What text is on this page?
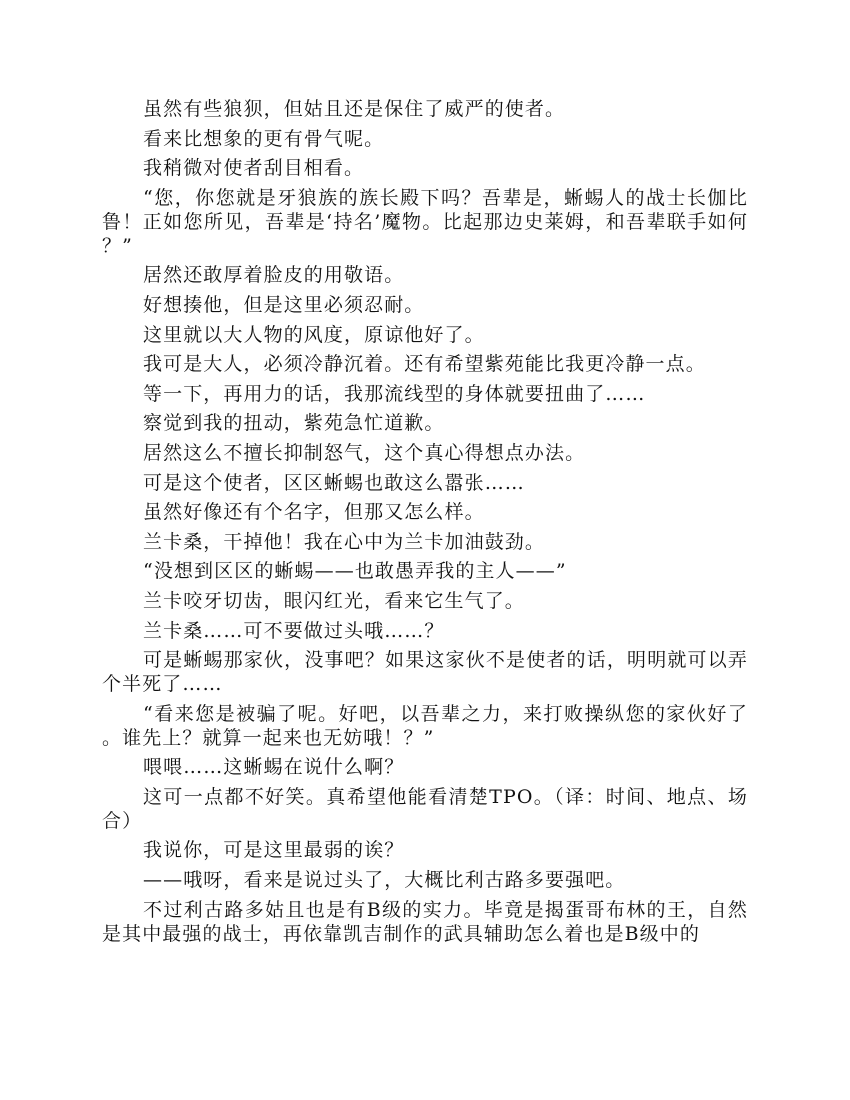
虽然有些狼狈，但姑且还是保住了威严的使者。

看来比想象的更有骨气呢。

我稍微对使者刮目相看。

“您，你您就是牙狼族的族长殿下吗？吾辈是，蜥蜴人的战士长伽比鲁！正如您所见，吾辈是‘持名’魔物。比起那边史莱姆，和吾辈联手如何？”

居然还敢厚着脸皮的用敬语。

好想揍他，但是这里必须忍耐。

这里就以大人物的风度，原谅他好了。

我可是大人，必须冷静沉着。还有希望紫苑能比我更冷静一点。

等一下，再用力的话，我那流线型的身体就要扭曲了……

察觉到我的扭动，紫苑急忙道歉。

居然这么不擅长抑制怒气，这个真心得想点办法。

可是这个使者，区区蜥蜴也敢这么嚣张……

虽然好像还有个名字，但那又怎么样。

兰卡桑，干掉他！我在心中为兰卡加油鼓劲。

“没想到区区的蜥蜴——也敢愚弄我的主人——”

兰卡咬牙切齿，眼闪红光，看来它生气了。

兰卡桑……可不要做过头哦……？

可是蜥蜴那家伙，没事吧？如果这家伙不是使者的话，明明就可以弄个半死了……

“看来您是被骗了呢。好吧，以吾辈之力，来打败操纵您的家伙好了。谁先上？就算一起来也无妨哦！？”

喂喂……这蜥蜴在说什么啊？

这可一点都不好笑。真希望他能看清楚TPO。（译：时间、地点、场合）

我说你，可是这里最弱的诶？

——哦呀，看来是说过头了，大概比利古路多要强吧。

不过利古路多姑且也是有B级的实力。毕竟是揭蛋哥布林的王，自然是其中最强的战士，再依靠凯吉制作的武具辅助怎么着也是B级中的
